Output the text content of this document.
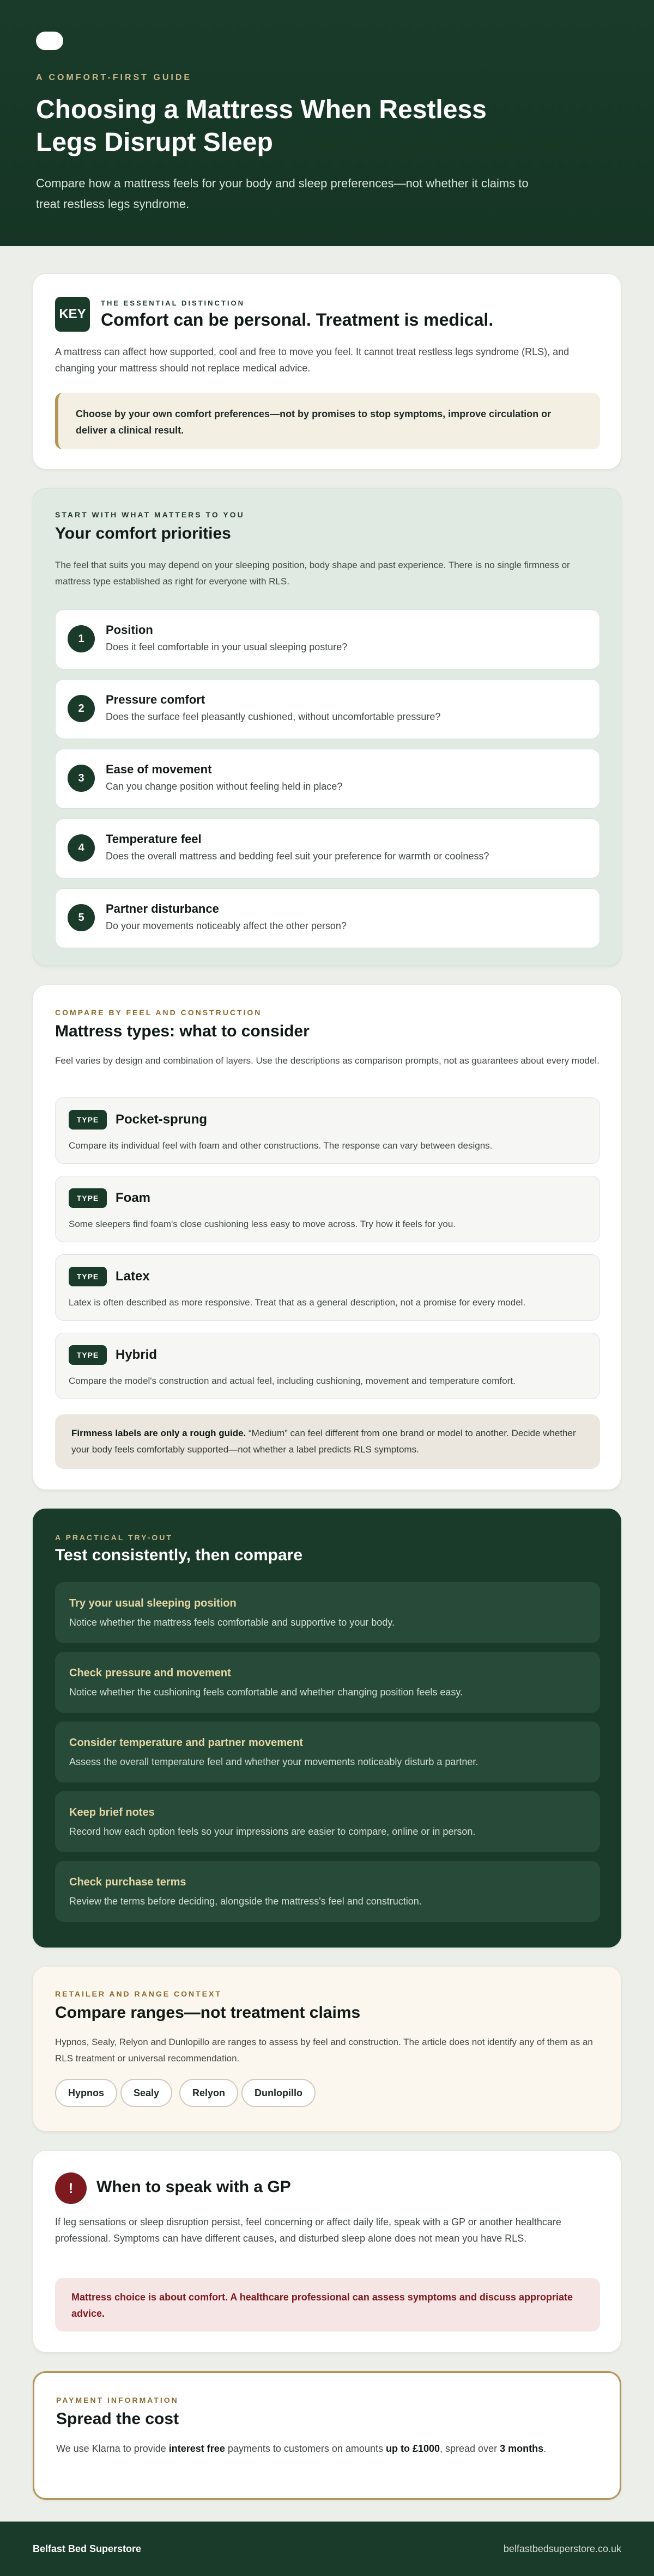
A COMFORT-FIRST GUIDE
Choosing a Mattress When Restless Legs Disrupt Sleep

Compare how a mattress feels for your body and sleep preferences—not whether it claims to treat restless legs syndrome.

KEY
THE ESSENTIAL DISTINCTION
Comfort can be personal. Treatment is medical.

A mattress can affect how supported, cool and free to move you feel. It cannot treat restless legs syndrome (RLS), and changing your mattress should not replace medical advice.

Choose by your own comfort preferences—not by promises to stop symptoms, improve circulation or deliver a clinical result.
START WITH WHAT MATTERS TO YOU
Your comfort priorities

The feel that suits you may depend on your sleeping position, body shape and past experience. There is no single firmness or mattress type established as right for everyone with RLS.

1
Position
Does it feel comfortable in your usual sleeping posture?
2
Pressure comfort
Does the surface feel pleasantly cushioned, without uncomfortable pressure?
3
Ease of movement
Can you change position without feeling held in place?
4
Temperature feel
Does the overall mattress and bedding feel suit your preference for warmth or coolness?
5
Partner disturbance
Do your movements noticeably affect the other person?
COMPARE BY FEEL AND CONSTRUCTION
Mattress types: what to consider

Feel varies by design and combination of layers. Use the descriptions as comparison prompts, not as guarantees about every model.

TYPE	Pocket-sprung
Compare its individual feel with foam and other constructions. The response can vary between designs.
TYPE	Foam
Some sleepers find foam's close cushioning less easy to move across. Try how it feels for you.
TYPE	Latex
Latex is often described as more responsive. Treat that as a general description, not a promise for every model.
TYPE	Hybrid
Compare the model's construction and actual feel, including cushioning, movement and temperature comfort.
Firmness labels are only a rough guide. “Medium” can feel different from one brand or model to another. Decide whether your body feels comfortably supported—not whether a label predicts RLS symptoms.
A PRACTICAL TRY-OUT
Test consistently, then compare
Try your usual sleeping position
Notice whether the mattress feels comfortable and supportive to your body.
Check pressure and movement
Notice whether the cushioning feels comfortable and whether changing position feels easy.
Consider temperature and partner movement
Assess the overall temperature feel and whether your movements noticeably disturb a partner.
Keep brief notes
Record how each option feels so your impressions are easier to compare, online or in person.
Check purchase terms
Review the terms before deciding, alongside the mattress's feel and construction.
RETAILER AND RANGE CONTEXT
Compare ranges—not treatment claims

Hypnos, Sealy, Relyon and Dunlopillo are ranges to assess by feel and construction. The article does not identify any of them as an RLS treatment or universal recommendation.

Hypnos	Sealy	Relyon	Dunlopillo
!	When to speak with a GP

If leg sensations or sleep disruption persist, feel concerning or affect daily life, speak with a GP or another healthcare professional. Symptoms can have different causes, and disturbed sleep alone does not mean you have RLS.

Mattress choice is about comfort. A healthcare professional can assess symptoms and discuss appropriate advice.
PAYMENT INFORMATION
Spread the cost

We use Klarna to provide interest free payments to customers on amounts up to £1000, spread over 3 months.

Belfast Bed Superstore	belfastbedsuperstore.co.uk
